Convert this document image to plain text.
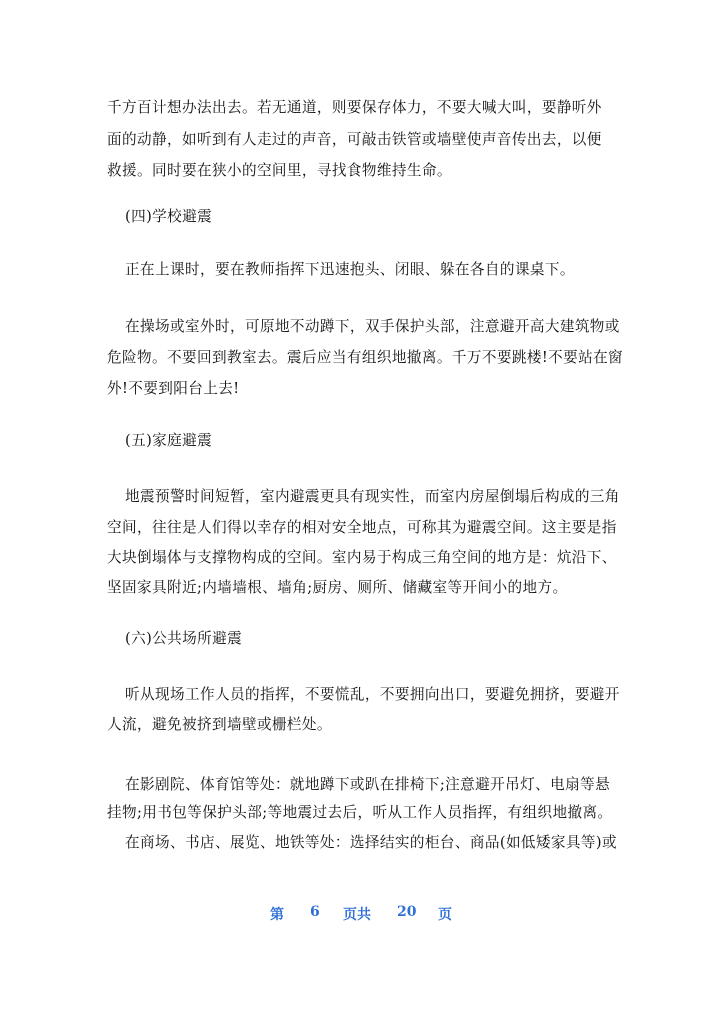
千方百计想办法出去。若无通道，则要保存体力，不要大喊大叫，要静听外
面的动静，如听到有人走过的声音，可敲击铁管或墙壁使声音传出去，以便
救援。同时要在狭小的空间里，寻找食物维持生命。
(四)学校避震
正在上课时，要在教师指挥下迅速抱头、闭眼、躲在各自的课桌下。
在操场或室外时，可原地不动蹲下，双手保护头部，注意避开高大建筑物或
危险物。不要回到教室去。震后应当有组织地撤离。千万不要跳楼!不要站在窗
外!不要到阳台上去!
(五)家庭避震
地震预警时间短暂，室内避震更具有现实性，而室内房屋倒塌后构成的三角
空间，往往是人们得以幸存的相对安全地点，可称其为避震空间。这主要是指
大块倒塌体与支撑物构成的空间。室内易于构成三角空间的地方是：炕沿下、
坚固家具附近;内墙墙根、墙角;厨房、厕所、储藏室等开间小的地方。
(六)公共场所避震
听从现场工作人员的指挥，不要慌乱，不要拥向出口，要避免拥挤，要避开
人流，避免被挤到墙壁或栅栏处。
在影剧院、体育馆等处：就地蹲下或趴在排椅下;注意避开吊灯、电扇等悬
挂物;用书包等保护头部;等地震过去后，听从工作人员指挥，有组织地撤离。
在商场、书店、展览、地铁等处：选择结实的柜台、商品(如低矮家具等)或
第 6 页共 20 页
